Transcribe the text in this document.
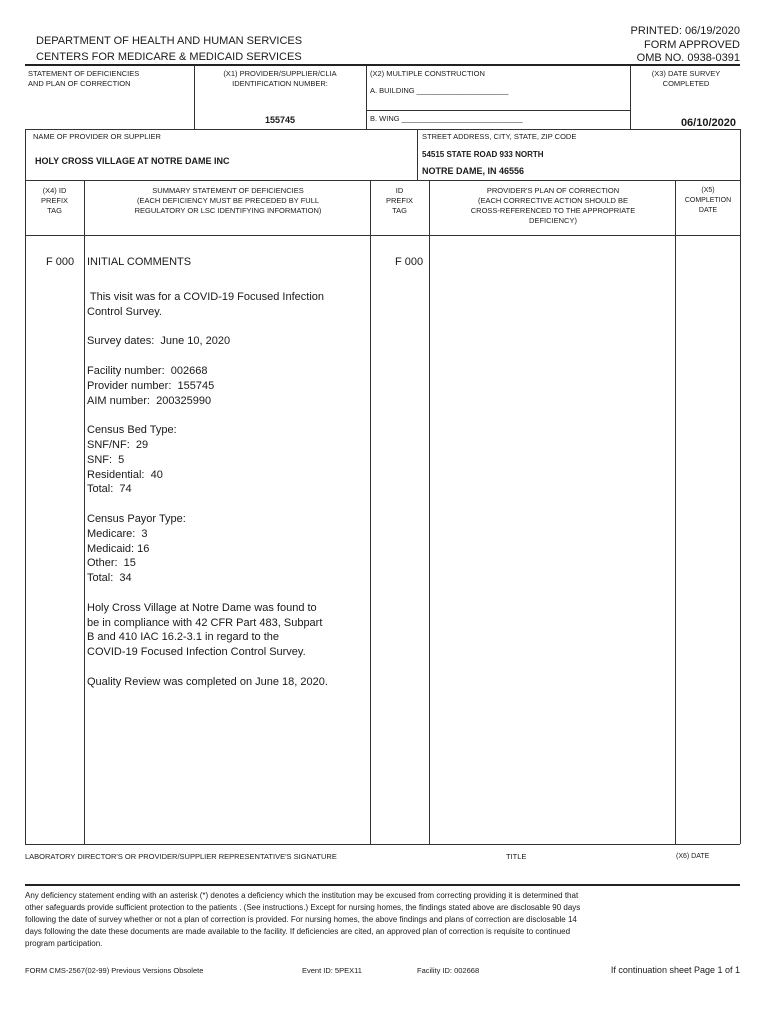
DEPARTMENT OF HEALTH AND HUMAN SERVICES
CENTERS FOR MEDICARE & MEDICAID SERVICES
PRINTED: 06/19/2020
FORM APPROVED
OMB NO. 0938-0391
STATEMENT OF DEFICIENCIES
AND PLAN OF CORRECTION
(X1) PROVIDER/SUPPLIER/CLIA
IDENTIFICATION NUMBER:
155745
(X2) MULTIPLE CONSTRUCTION
A. BUILDING ______________________
B. WING _____________________________
(X3) DATE SURVEY
COMPLETED
06/10/2020
NAME OF PROVIDER OR SUPPLIER
HOLY CROSS VILLAGE AT NOTRE DAME INC
STREET ADDRESS, CITY, STATE, ZIP CODE
54515 STATE ROAD 933 NORTH
NOTRE DAME, IN 46556
(X4) ID
PREFIX
TAG
SUMMARY STATEMENT OF DEFICIENCIES
(EACH DEFICIENCY MUST BE PRECEDED BY FULL
REGULATORY OR LSC IDENTIFYING INFORMATION)
ID
PREFIX
TAG
PROVIDER'S PLAN OF CORRECTION
(EACH CORRECTIVE ACTION SHOULD BE
CROSS-REFERENCED TO THE APPROPRIATE
DEFICIENCY)
(X5)
COMPLETION
DATE
F 000 INITIAL COMMENTS	F 000
This visit was for a COVID-19 Focused Infection
Control Survey.

Survey dates:  June 10, 2020

Facility number:  002668
Provider number:  155745
AIM number:  200325990

Census Bed Type:
SNF/NF:  29
SNF:  5
Residential:  40
Total:  74

Census Payor Type:
Medicare:  3
Medicaid: 16
Other:  15
Total:  34

Holy Cross Village at Notre Dame was found to
be in compliance with 42 CFR Part 483, Subpart
B and 410 IAC 16.2-3.1 in regard to the
COVID-19 Focused Infection Control Survey.

Quality Review was completed on June 18, 2020.
LABORATORY DIRECTOR'S OR PROVIDER/SUPPLIER REPRESENTATIVE'S SIGNATURE	TITLE	(X6) DATE
Any deficiency statement ending with an asterisk (*) denotes a deficiency which the institution may be excused from correcting providing it is determined that
other safeguards provide sufficient protection to the patients . (See instructions.) Except for nursing homes, the findings stated above are disclosable 90 days
following the date of survey whether or not a plan of correction is provided. For nursing homes, the above findings and plans of correction are disclosable 14
days following the date these documents are made available to the facility. If deficiencies are cited, an approved plan of correction is requisite to continued
program participation.
FORM CMS-2567(02-99) Previous Versions Obsolete	Event ID: 5PEX11	Facility ID: 002668	If continuation sheet Page 1 of 1
